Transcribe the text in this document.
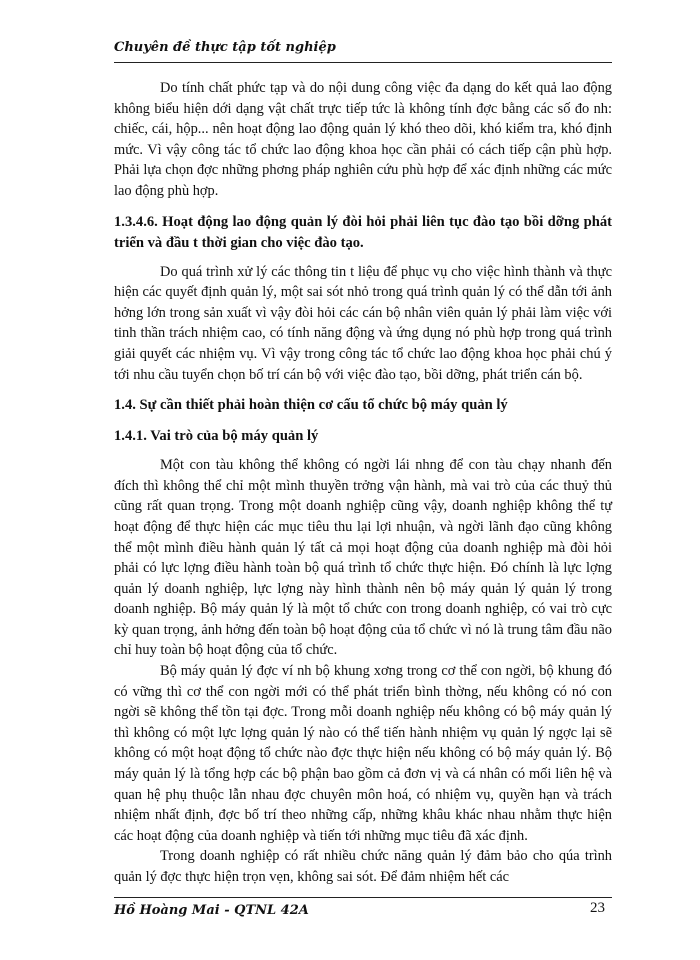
Chuyên đề thực tập tốt nghiệp

Do tính chất phức tạp và do nội dung công việc đa dạng do kết quả lao động không biểu hiện dới dạng vật chất trực tiếp tức là không tính đợc bằng các số đo nh: chiếc, cái, hộp... nên hoạt động lao động quản lý khó theo dõi, khó kiểm tra, khó định mức. Vì vậy công tác tổ chức lao động khoa học cần phải có cách tiếp cận phù hợp. Phải lựa chọn đợc những phơng pháp nghiên cứu phù hợp để xác định những các mức lao động phù hợp.

1.3.4.6. Hoạt động lao động quản lý đòi hỏi phải liên tục đào tạo bồi dỡng phát triển và đầu t thời gian cho việc đào tạo.

Do quá trình xử lý các thông tin t liệu để phục vụ cho việc hình thành và thực hiện các quyết định quản lý, một sai sót nhỏ trong quá trình quản lý có thể dẫn tới ảnh hởng lớn trong sản xuất vì vậy đòi hỏi các cán bộ nhân viên quản lý phải làm việc với tinh thần trách nhiệm cao, có tính năng động và ứng dụng nó phù hợp trong quá trình giải quyết các nhiệm vụ. Vì vậy trong công tác tổ chức lao động khoa học phải chú ý tới nhu cầu tuyển chọn bố trí cán bộ với việc đào tạo, bồi dỡng, phát triển cán bộ.

1.4. Sự cần thiết phải hoàn thiện cơ cấu tổ chức bộ máy quản lý
1.4.1. Vai trò của bộ máy quản lý

Một con tàu không thể không có ngời lái nhng để con tàu chạy nhanh đến đích thì không thể chỉ một mình thuyền trởng vận hành, mà vai trò của các thuỷ thủ cũng rất quan trọng. Trong một doanh nghiệp cũng vậy, doanh nghiệp không thể tự hoạt động để thực hiện các mục tiêu thu lại lợi nhuận, và ngời lãnh đạo cũng không thể một mình điều hành quản lý tất cả mọi hoạt động của doanh nghiệp mà đòi hỏi phải có lực lợng điều hành toàn bộ quá trình tổ chức thực hiện. Đó chính là lực lợng quản lý doanh nghiệp, lực lợng này hình thành nên bộ máy quản lý quản lý trong doanh nghiệp. Bộ máy quản lý là một tổ chức con trong doanh nghiệp, có vai trò cực kỳ quan trọng, ảnh hởng đến toàn bộ hoạt động của tổ chức vì nó là trung tâm đầu não chỉ huy toàn bộ hoạt động của tổ chức.

Bộ máy quản lý đợc ví nh bộ khung xơng trong cơ thể con ngời, bộ khung đó có vững thì cơ thể con ngời mới có thể phát triển bình thờng, nếu không có nó con ngời sẽ không thể tồn tại đợc. Trong mỗi doanh nghiệp nếu không có bộ máy quản lý thì không có một lực lợng quản lý nào có thể tiến hành nhiệm vụ quản lý ngợc lại sẽ không có một hoạt động tổ chức nào đợc thực hiện nếu không có bộ máy quản lý. Bộ máy quản lý là tổng hợp các bộ phận bao gồm cả đơn vị và cá nhân có mối liên hệ và quan hệ phụ thuộc lẫn nhau đợc chuyên môn hoá, có nhiệm vụ, quyền hạn và trách nhiệm nhất định, đợc bố trí theo những cấp, những khâu khác nhau nhằm thực hiện các hoạt động của doanh nghiệp và tiến tới những mục tiêu đã xác định.

Trong doanh nghiệp có rất nhiều chức năng quản lý đảm bảo cho qúa trình quản lý đợc thực hiện trọn vẹn, không sai sót. Để đảm nhiệm hết các

Hồ Hoàng Mai - QTNL 42A	23
